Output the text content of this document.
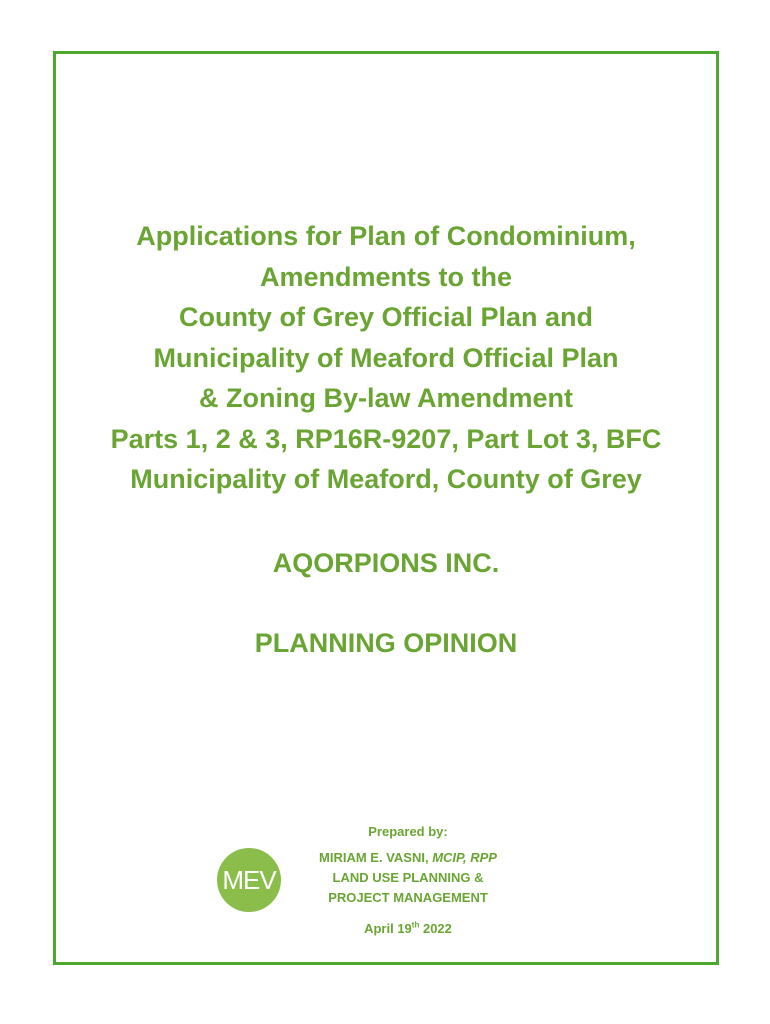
Applications for Plan of Condominium,
Amendments to the
County of Grey Official Plan and
Municipality of Meaford Official Plan
& Zoning By-law Amendment
Parts 1, 2 & 3, RP16R-9207, Part Lot 3, BFC
Municipality of Meaford, County of Grey
AQORPIONS INC.
PLANNING OPINION
Prepared by:
MEV
MIRIAM E. VASNI, MCIP, RPP
LAND USE PLANNING &
PROJECT MANAGEMENT
April 19th 2022
